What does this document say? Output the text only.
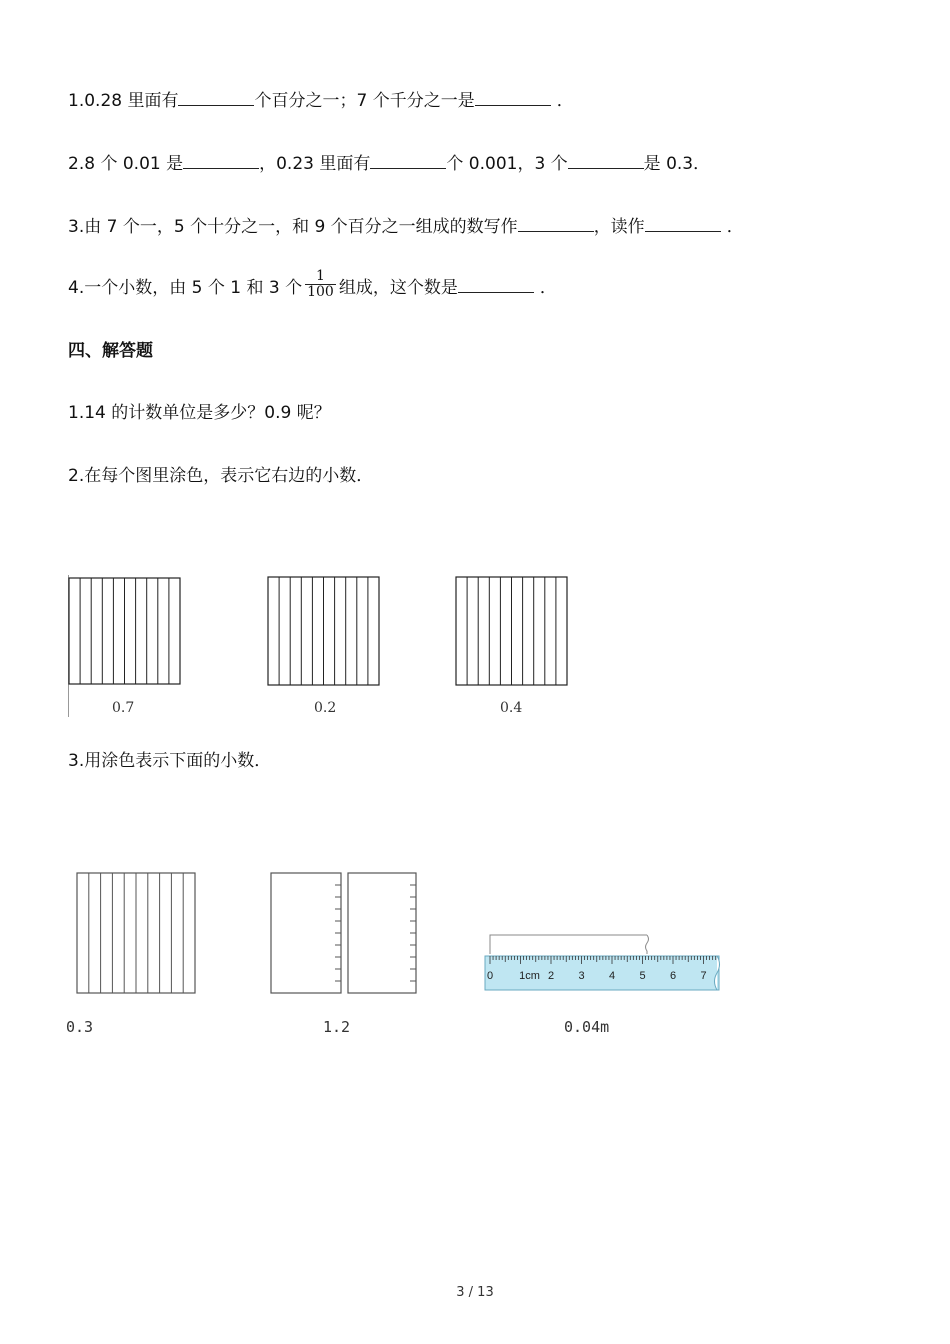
1.0.28 里面有	个百分之一；7 个千分之一是	．
2.8 个 0.01 是	，0.23 里面有	个 0.001，3 个	是 0.3．
3.由 7 个一，5 个十分之一，和 9 个百分之一组成的数写作	，读作	．
4.一个小数，由 5 个 1 和 3 个 $\frac{1}{100}$ 组成，这个数是	．
四、解答题
1.14 的计数单位是多少？0.9 呢？
2.在每个图里涂色，表示它右边的小数．
0.7	0.2	0.4
3.用涂色表示下面的小数．
0 1cm 2 3 4 5 6 7
0.3	1.2	0.04m
3 / 13
